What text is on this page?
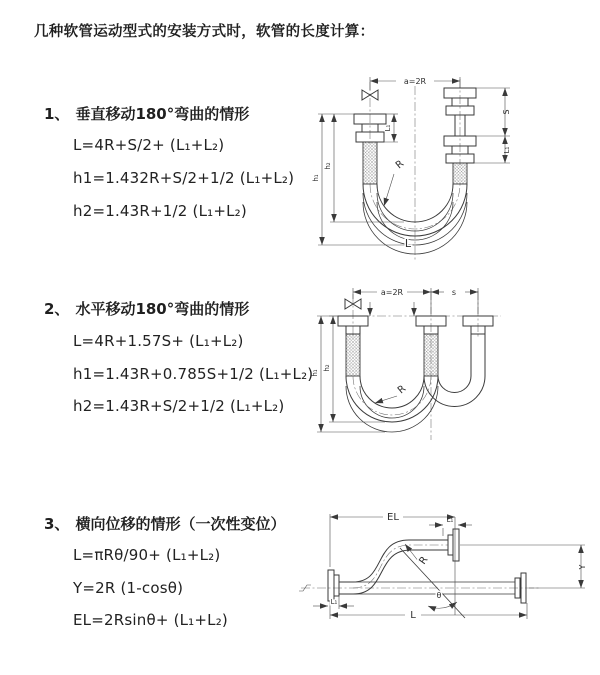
几种软管运动型式的安装方式时，软管的长度计算：
1、 垂直移动180°弯曲的情形
L=4R+S/2+ (L₁+L₂)
h1=1.432R+S/2+1/2 (L₁+L₂)
h2=1.43R+1/2 (L₁+L₂)
a=2R
S
L₁
L₁
h₁
h₂	R
L
2、 水平移动180°弯曲的情形
L=4R+1.57S+ (L₁+L₂)
h1=1.43R+0.785S+1/2 (L₁+L₂)
h2=1.43R+S/2+1/2 (L₁+L₂)
a=2R	s
h₁
h₂
R
3、 横向位移的情形（一次性变位）
L=πRθ/90+ (L₁+L₂)
Y=2R (1-cosθ)
EL=2Rsinθ+ (L₁+L₂)
θ
EL	L₁
Y
R
L
L₁
